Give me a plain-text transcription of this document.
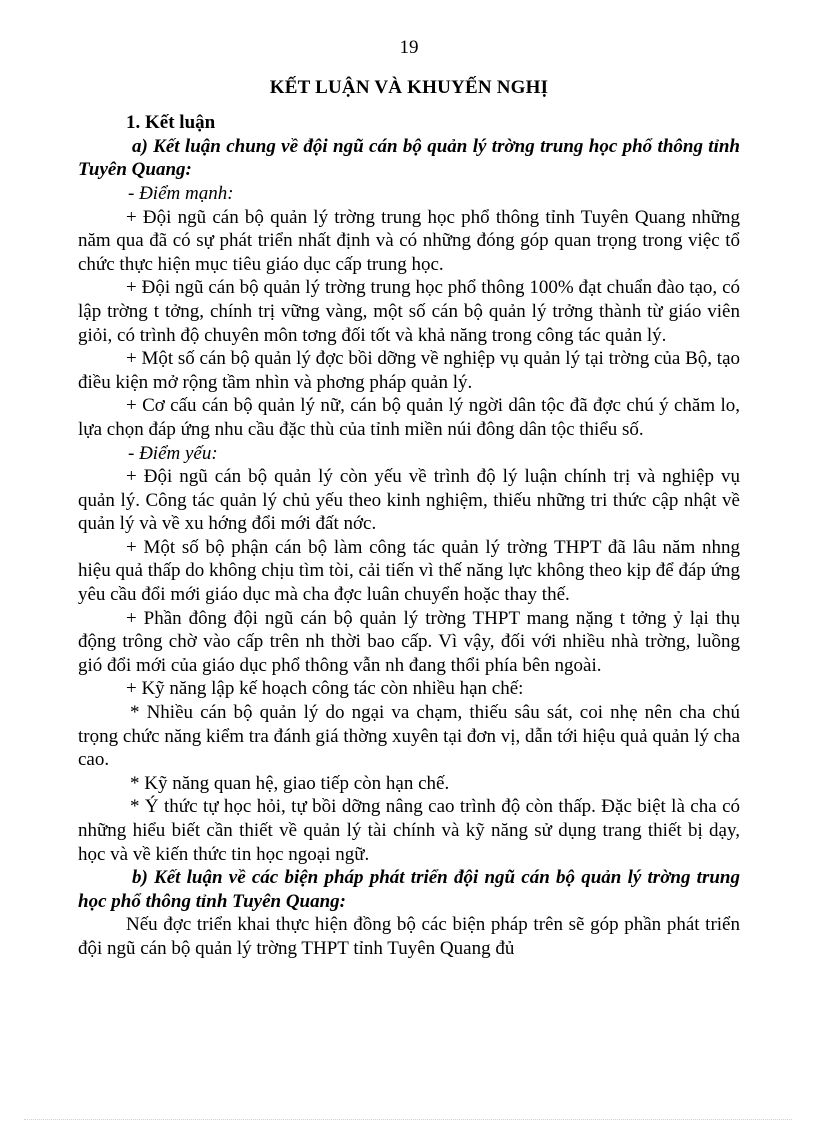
19
KẾT LUẬN VÀ KHUYẾN NGHỊ
1. Kết luận
a) Kết luận chung về đội ngũ cán bộ quản lý trờng trung học phổ thông tỉnh Tuyên Quang:
- Điểm mạnh:
+ Đội ngũ cán bộ quản lý trờng trung học phổ thông tỉnh Tuyên Quang những năm qua đã có sự phát triển nhất định và có những đóng góp quan trọng trong việc tổ chức thực hiện mục tiêu giáo dục cấp trung học.
+ Đội ngũ cán bộ quản lý trờng trung học phổ thông 100% đạt chuẩn đào tạo, có lập trờng t tởng, chính trị vững vàng, một số cán bộ quản lý trởng thành từ giáo viên giỏi, có trình độ chuyên môn tơng đối tốt và khả năng trong công tác quản lý.
+ Một số cán bộ quản lý đợc bồi dỡng về nghiệp vụ quản lý tại trờng của Bộ, tạo điều kiện mở rộng tầm nhìn và phơng pháp quản lý.
+ Cơ cấu cán bộ quản lý nữ, cán bộ quản lý ngời dân tộc đã đợc chú ý chăm lo, lựa chọn đáp ứng nhu cầu đặc thù của tỉnh miền núi đông dân tộc thiểu số.
- Điểm yếu:
+ Đội ngũ cán bộ quản lý còn yếu về trình độ lý luận chính trị và nghiệp vụ quản lý. Công tác quản lý chủ yếu theo kinh nghiệm, thiếu những tri thức cập nhật về quản lý và về xu hớng đổi mới đất nớc.
+ Một số bộ phận cán bộ làm công tác quản lý trờng THPT đã lâu năm nhng hiệu quả thấp do không chịu tìm tòi, cải tiến vì thế năng lực không theo kịp để đáp ứng yêu cầu đổi mới giáo dục mà cha đợc luân chuyển hoặc thay thế.
+ Phần đông đội ngũ cán bộ quản lý trờng THPT mang nặng t tởng ỷ lại thụ động trông chờ vào cấp trên nh thời bao cấp. Vì vậy, đối với nhiều nhà trờng, luồng gió đổi mới của giáo dục phổ thông vẫn nh đang thổi phía bên ngoài.
+ Kỹ năng lập kế hoạch công tác còn nhiều hạn chế:
* Nhiều cán bộ quản lý do ngại va chạm, thiếu sâu sát, coi nhẹ nên cha chú trọng chức năng kiểm tra đánh giá thờng xuyên tại đơn vị, dẫn tới hiệu quả quản lý cha cao.
* Kỹ năng quan hệ, giao tiếp còn hạn chế.
* Ý thức tự học hỏi, tự bồi dỡng nâng cao trình độ còn thấp. Đặc biệt là cha có những hiểu biết cần thiết về quản lý tài chính và kỹ năng sử dụng trang thiết bị dạy, học và về kiến thức tin học ngoại ngữ.
b) Kết luận về các biện pháp phát triển đội ngũ cán bộ quản lý trờng trung học phổ thông tỉnh Tuyên Quang:
Nếu đợc triển khai thực hiện đồng bộ các biện pháp trên sẽ góp phần phát triển đội ngũ cán bộ quản lý trờng THPT tỉnh Tuyên Quang đủ
